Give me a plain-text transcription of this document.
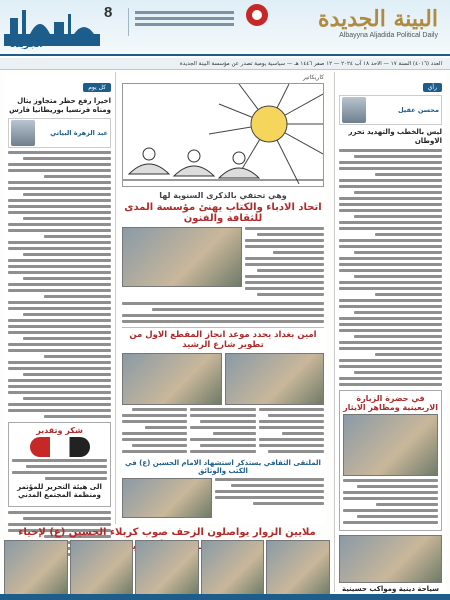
8	البينة الجديدة
Albayyna Aljadida Political Daily
الجريدة
العدد (٤٠١٦) السنة ١٧ — الاحد ١٨ آب ٢٠٢٤ — ١٢ صفر ١٤٤٦ هـ — سياسية يومية تصدر عن مؤسسة البينة الجديدة
رأي
محسن عقيل
ليس بالخطب والتهديد تحرر الاوطان
في حضرة الزيارة الاربعينية ومظاهر الايثار
سياحة دينية ومواكب حسينية
كل يوم
اخيرا رفع حظر متجاوز يتال ومناه فرنسيا بوريطانيا فارس
عبد الزهرة البياتي
شكر وتقدير
الى هيئة التحرير للمؤتمر ومنظمة المجتمع المدني
كاريكاتير
وهي تحتفي بالذكرى السنوية لها
اتحاد الادباء والكتاب يهنئ مؤسسة المدى للثقافة والفنون
امين بغداد يحدد موعد انجاز المقطع الاول من تطوير شارع الرشيد
الملتقى الثقافي يستذكر استشهاد الامام الحسين (ع) في الكتب والوثائق
ملايين الزوار يواصلون الزحف صوب كربلاء الحسين (ع) لإحياء
